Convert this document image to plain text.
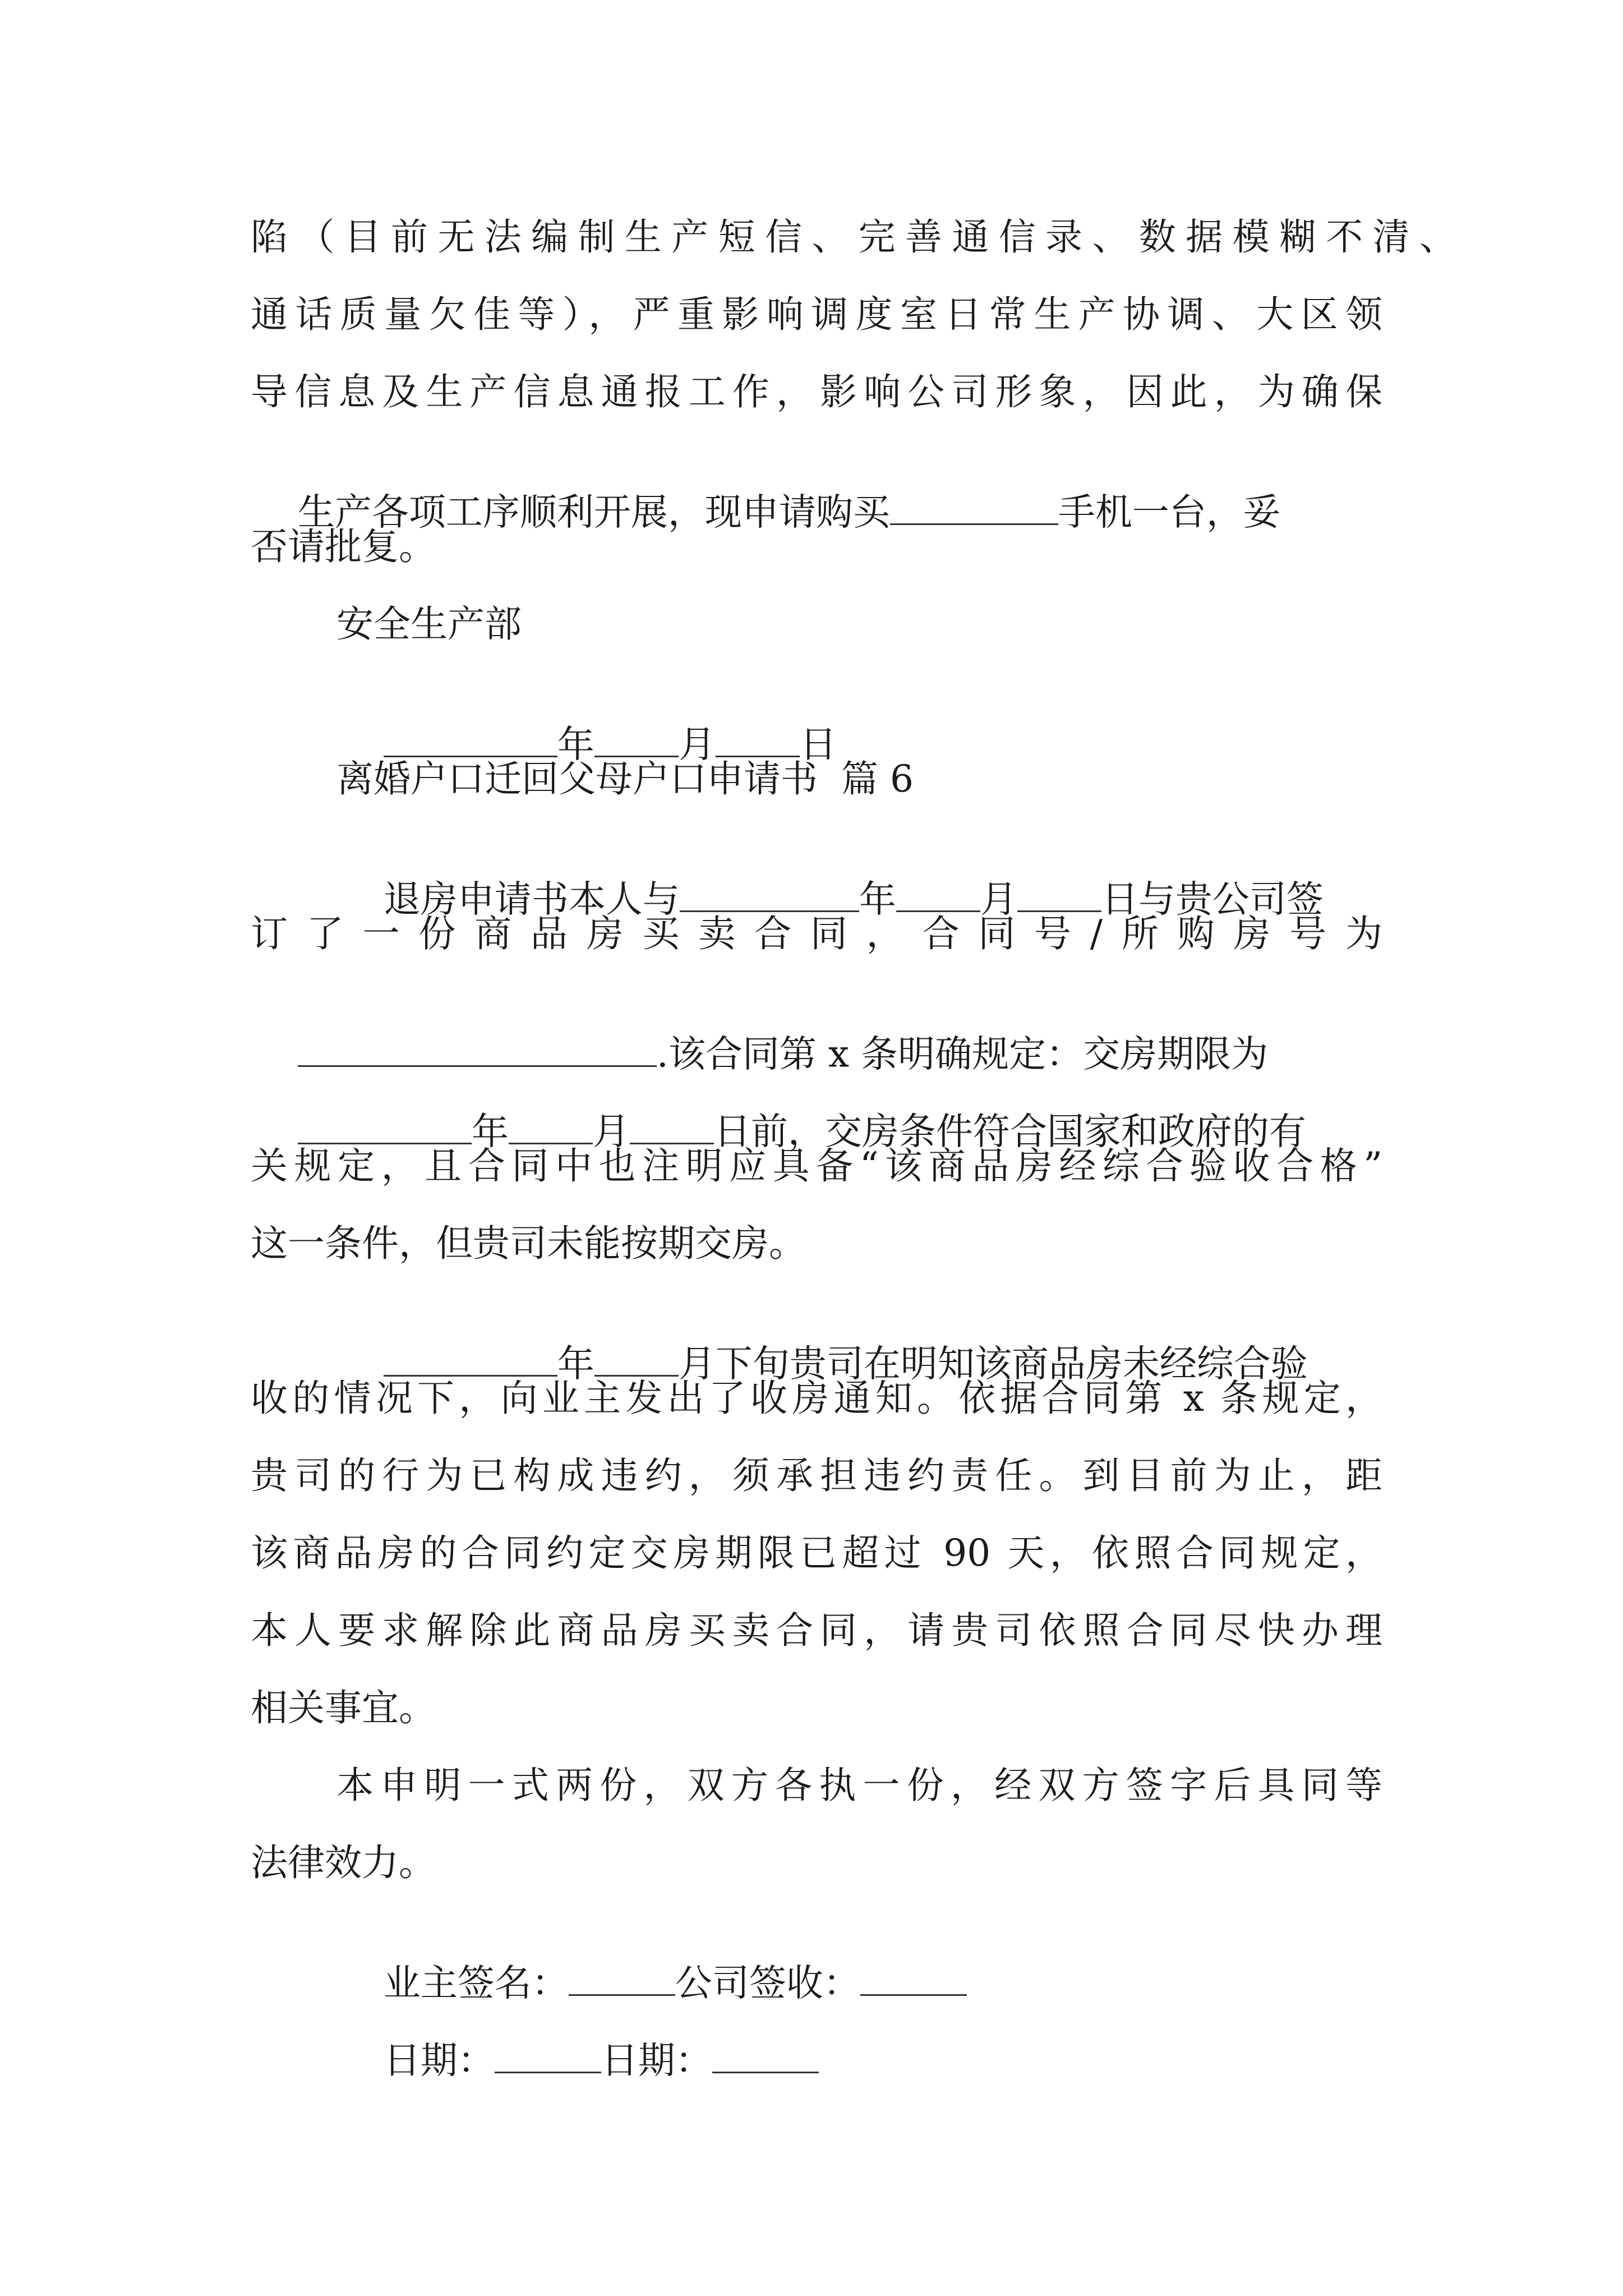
陷（目前无法编制生产短信、完善通信录、数据模糊不清、
通话质量欠佳等），严重影响调度室日常生产协调、大区领
导信息及生产信息通报工作，影响公司形象，因此，为确保

生产各项工序顺利开展，现申请购买	手机一台，妥

否请批复。
安全生产部

年 月 日

离婚户口迁回父母户口申请书  篇 6

退房申请书本人与	年 月 日与贵公司签

订了一份商品房买卖合同，合同号/所购房号为

.该合同第 x 条明确规定：交房期限为

年 月 日前，交房条件符合国家和政府的有

关规定，且合同中也注明应具备“该商品房经综合验收合格”
这一条件，但贵司未能按期交房。

年 月下旬贵司在明知该商品房未经综合验

收的情况下，向业主发出了收房通知。依据合同第 x 条规定，
贵司的行为已构成违约，须承担违约责任。到目前为止，距
该商品房的合同约定交房期限已超过 90 天，依照合同规定，
本人要求解除此商品房买卖合同，请贵司依照合同尽快办理
相关事宜。
本申明一式两份，双方各执一份，经双方签字后具同等
法律效力。

业主签名：	公司签收：

日期：	日期：
